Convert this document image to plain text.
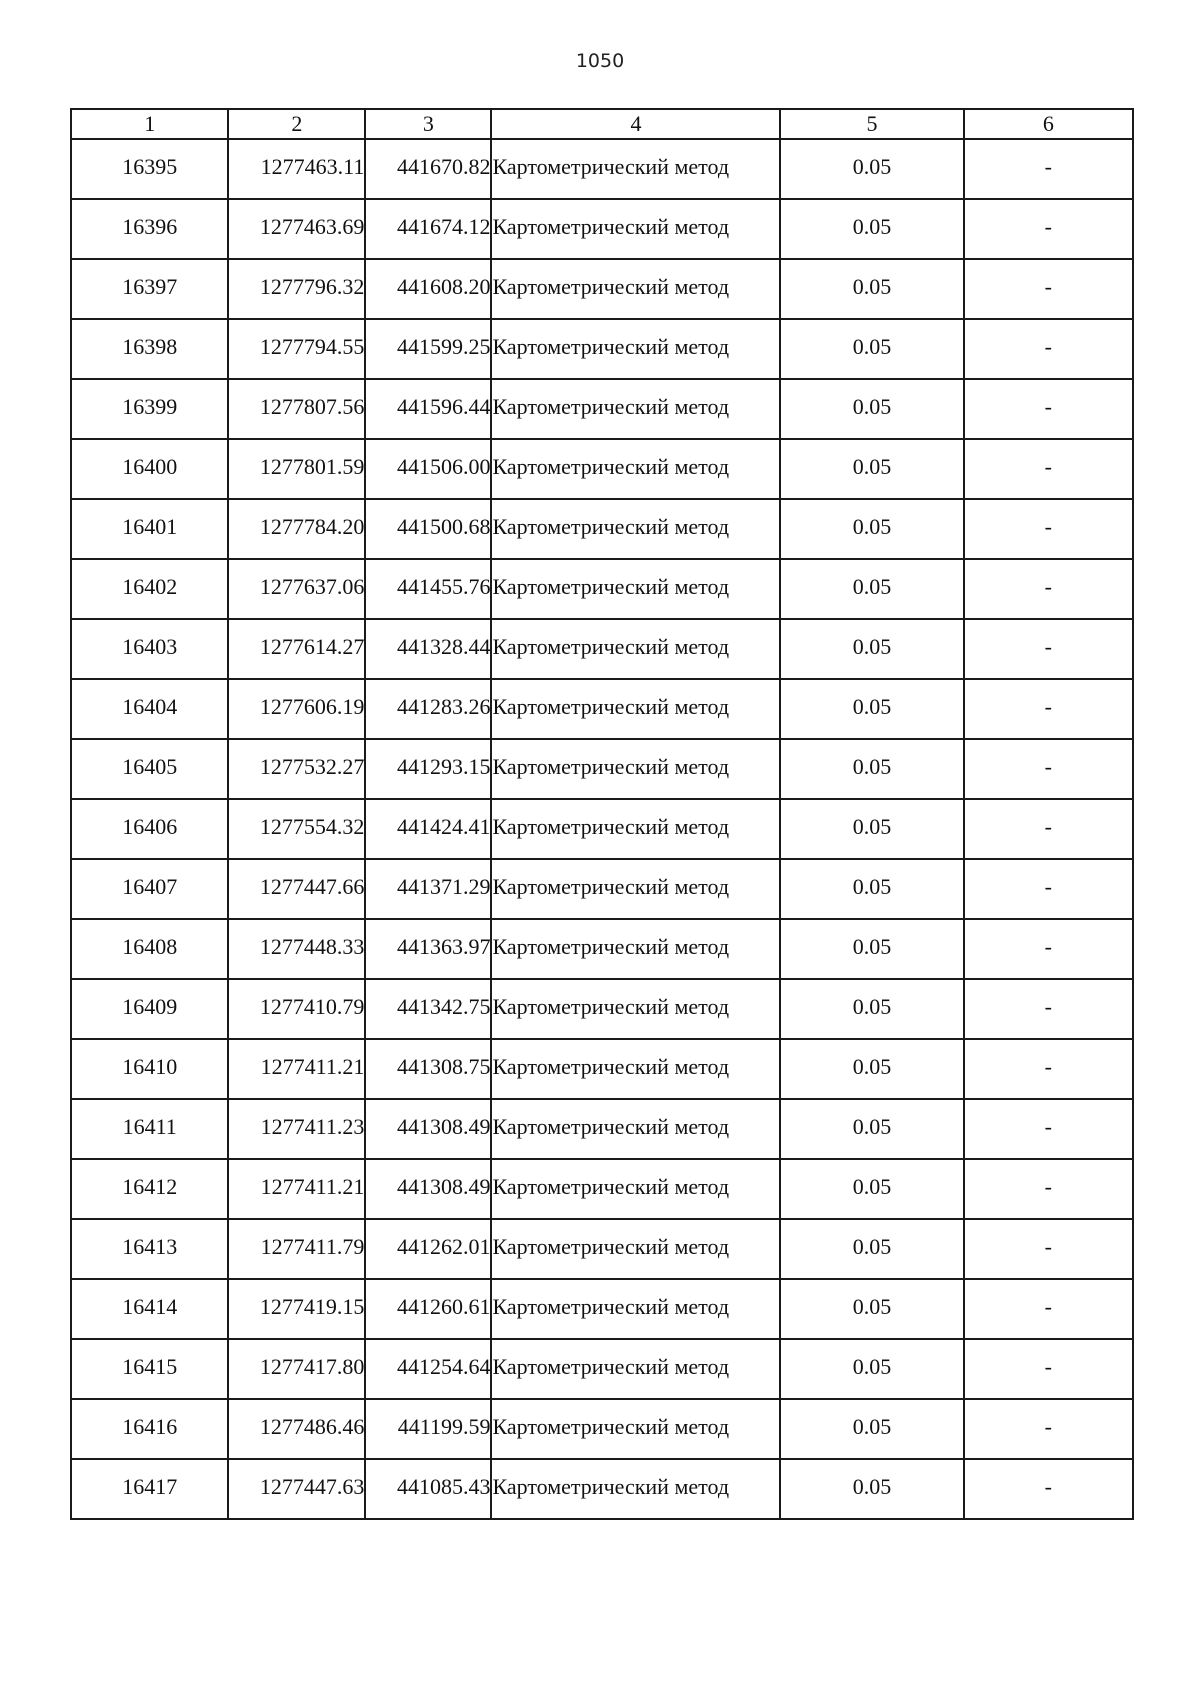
1050
1	2	3	4	5	6
16395	1277463.11	441670.82	Картометрический метод	0.05	-
16396	1277463.69	441674.12	Картометрический метод	0.05	-
16397	1277796.32	441608.20	Картометрический метод	0.05	-
16398	1277794.55	441599.25	Картометрический метод	0.05	-
16399	1277807.56	441596.44	Картометрический метод	0.05	-
16400	1277801.59	441506.00	Картометрический метод	0.05	-
16401	1277784.20	441500.68	Картометрический метод	0.05	-
16402	1277637.06	441455.76	Картометрический метод	0.05	-
16403	1277614.27	441328.44	Картометрический метод	0.05	-
16404	1277606.19	441283.26	Картометрический метод	0.05	-
16405	1277532.27	441293.15	Картометрический метод	0.05	-
16406	1277554.32	441424.41	Картометрический метод	0.05	-
16407	1277447.66	441371.29	Картометрический метод	0.05	-
16408	1277448.33	441363.97	Картометрический метод	0.05	-
16409	1277410.79	441342.75	Картометрический метод	0.05	-
16410	1277411.21	441308.75	Картометрический метод	0.05	-
16411	1277411.23	441308.49	Картометрический метод	0.05	-
16412	1277411.21	441308.49	Картометрический метод	0.05	-
16413	1277411.79	441262.01	Картометрический метод	0.05	-
16414	1277419.15	441260.61	Картометрический метод	0.05	-
16415	1277417.80	441254.64	Картометрический метод	0.05	-
16416	1277486.46	441199.59	Картометрический метод	0.05	-
16417	1277447.63	441085.43	Картометрический метод	0.05	-
